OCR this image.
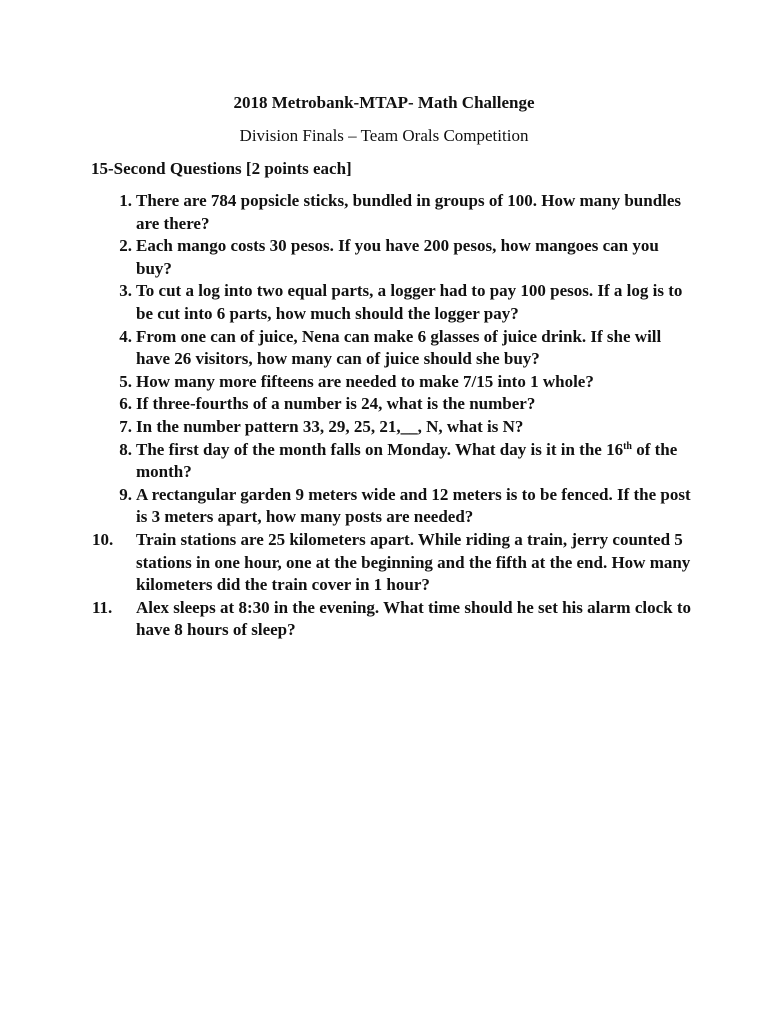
2018 Metrobank-MTAP- Math Challenge
Division Finals – Team Orals Competition
15-Second Questions [2 points each]
1. There are 784 popsicle sticks, bundled in groups of 100. How many bundles are there?
2. Each mango costs 30 pesos. If you have 200 pesos, how mangoes can you buy?
3. To cut a log into two equal parts, a logger had to pay 100 pesos. If a log is to be cut into 6 parts, how much should the logger pay?
4. From one can of juice, Nena can make 6 glasses of juice drink. If she will have 26 visitors, how many can of juice should she buy?
5. How many more fifteens are needed to make 7/15 into 1 whole?
6. If three-fourths of a number is 24, what is the number?
7. In the number pattern 33, 29, 25, 21,__, N, what is N?
8. The first day of the month falls on Monday. What day is it in the 16th of the month?
9. A rectangular garden 9 meters wide and 12 meters is to be fenced. If the post is 3 meters apart, how many posts are needed?
10.	Train stations are 25 kilometers apart. While riding a train, jerry counted 5 stations in one hour, one at the beginning and the fifth at the end. How many kilometers did the train cover in 1 hour?
11.	Alex sleeps at 8:30 in the evening. What time should he set his alarm clock to have 8 hours of sleep?
